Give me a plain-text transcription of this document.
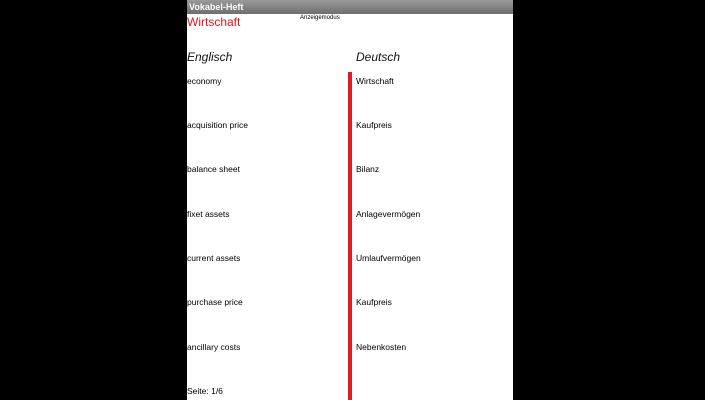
Vokabel-Heft
Wirtschaft	Anzeigemodus
Englisch	Deutsch
economy	Wirtschaft
acquisition price	Kaufpreis
balance sheet	Bilanz
fixet assets	Anlagevermögen
current assets	Umlaufvermögen
purchase price	Kaufpreis
ancillary costs	Nebenkosten
Seite: 1/6
